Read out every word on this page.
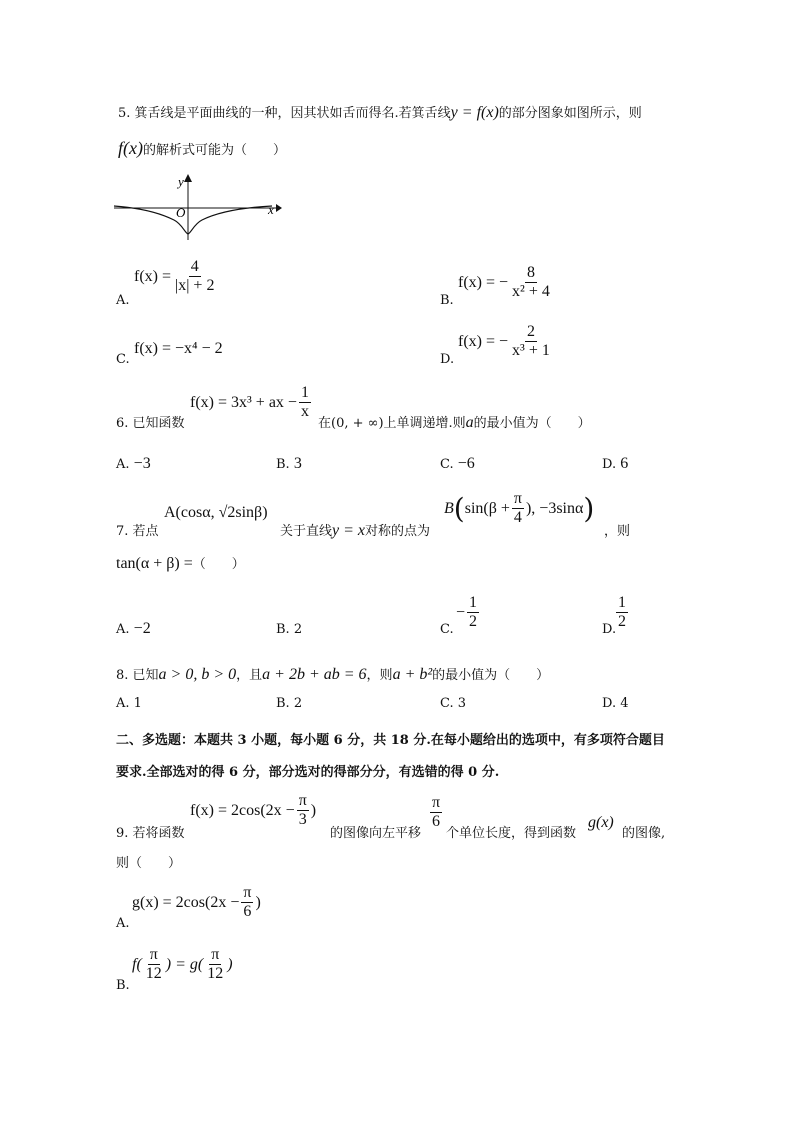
5. 箕舌线是平面曲线的一种，因其状如舌而得名.若箕舌线y = f(x)的部分图象如图所示，则
f(x)的解析式可能为（　　）
y
x
O
A.
$f(x) = \frac{4}{|x| + 2}$
B.
f(x) = − $\frac{8}{\text{x² + 4}}$
C.
f(x) = −x⁴ − 2
D.
f(x) = − $\frac{2}{\text{x³ + 1}}$
6. 已知函数
f(x) = 3x³ + ax − $\frac{1}{x}$
在(0, + ∞)上单调递增.则a的最小值为（　　）
A. −3	B. 3	C. −6	D. 6
7. 若点
A(cosα, √2sinβ)
关于直线y = x对称的点为
$B(\sin(\beta + \frac{\pi}{4}$ ), −3sinα)
，则
tan(α + β) =（　　）
A. −2	B. 2	C.
− $\frac{1}{2}$	D. $\frac{1}{2}$
8. 已知a > 0, b > 0，且a + 2b + ab = 6，则a + b²的最小值为（　　）
A. 1	B. 2	C. 3	D. 4
二、多选题：本题共 3 小题，每小题 6 分，共 18 分.在每小题给出的选项中，有多项符合题目
要求.全部选对的得 6 分，部分选对的得部分分，有选错的得 0 分.
9. 若将函数
$f(x) = 2\cos(2x - \frac{\pi}{3}$ )
的图像向左平移
$\frac{\pi}{6}$
个单位长度，得到函数
g(x)
的图像,
则（　　）
A.
$g(x) = 2\cos(2x - \frac{\pi}{6}$ )
B.
$f( \frac{\pi}{12}$ ) = $g( \frac{\pi}{12}$ )
